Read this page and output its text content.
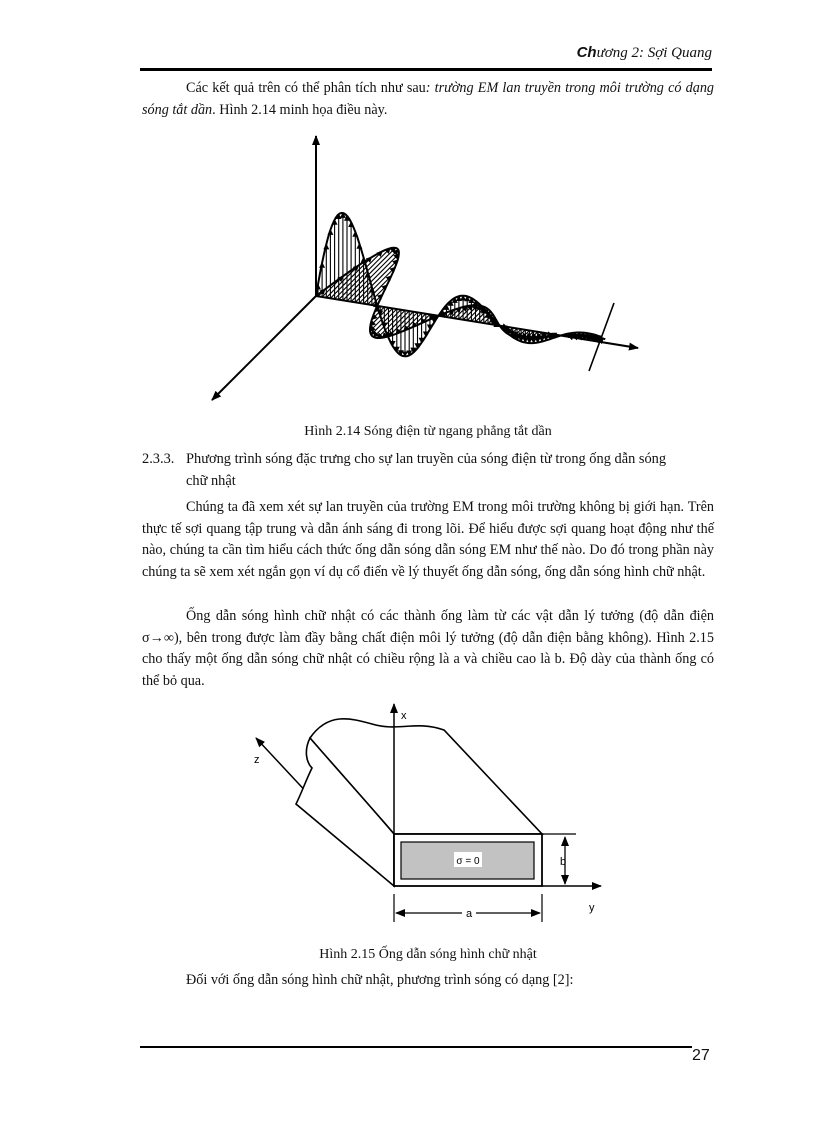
Chương 2: Sợi Quang
Các kết quả trên có thể phân tích như sau: trường EM lan truyền trong môi trường có dạng sóng tắt dần. Hình 2.14 minh họa điều này.
Hình 2.14 Sóng điện từ ngang phẳng tắt dần
2.3.3. Phương trình sóng đặc trưng cho sự lan truyền của sóng điện từ trong ống dẫn sóng
chữ nhật
Chúng ta đã xem xét sự lan truyền của trường EM trong môi trường không bị giới hạn. Trên thực tế sợi quang tập trung và dẫn ánh sáng đi trong lõi. Để hiểu được sợi quang hoạt động như thế nào, chúng ta cần tìm hiểu cách thức ống dẫn sóng dẫn sóng EM như thế nào. Do đó trong phần này chúng ta sẽ xem xét ngắn gọn ví dụ cổ điển về lý thuyết ống dẫn sóng, ống dẫn sóng hình chữ nhật.
Ống dẫn sóng hình chữ nhật có các thành ống làm từ các vật dẫn lý tưởng (độ dẫn điện σ→∞), bên trong được làm đầy bằng chất điện môi lý tưởng (độ dẫn điện bằng không). Hình 2.15 cho thấy một ống dẫn sóng chữ nhật có chiều rộng là a và chiều cao là b. Độ dày của thành ống có thể bỏ qua.
σ = 0
x
y
z
b
a
Hình 2.15 Ống dẫn sóng hình chữ nhật
Đối với ống dẫn sóng hình chữ nhật, phương trình sóng có dạng [2]:
27
